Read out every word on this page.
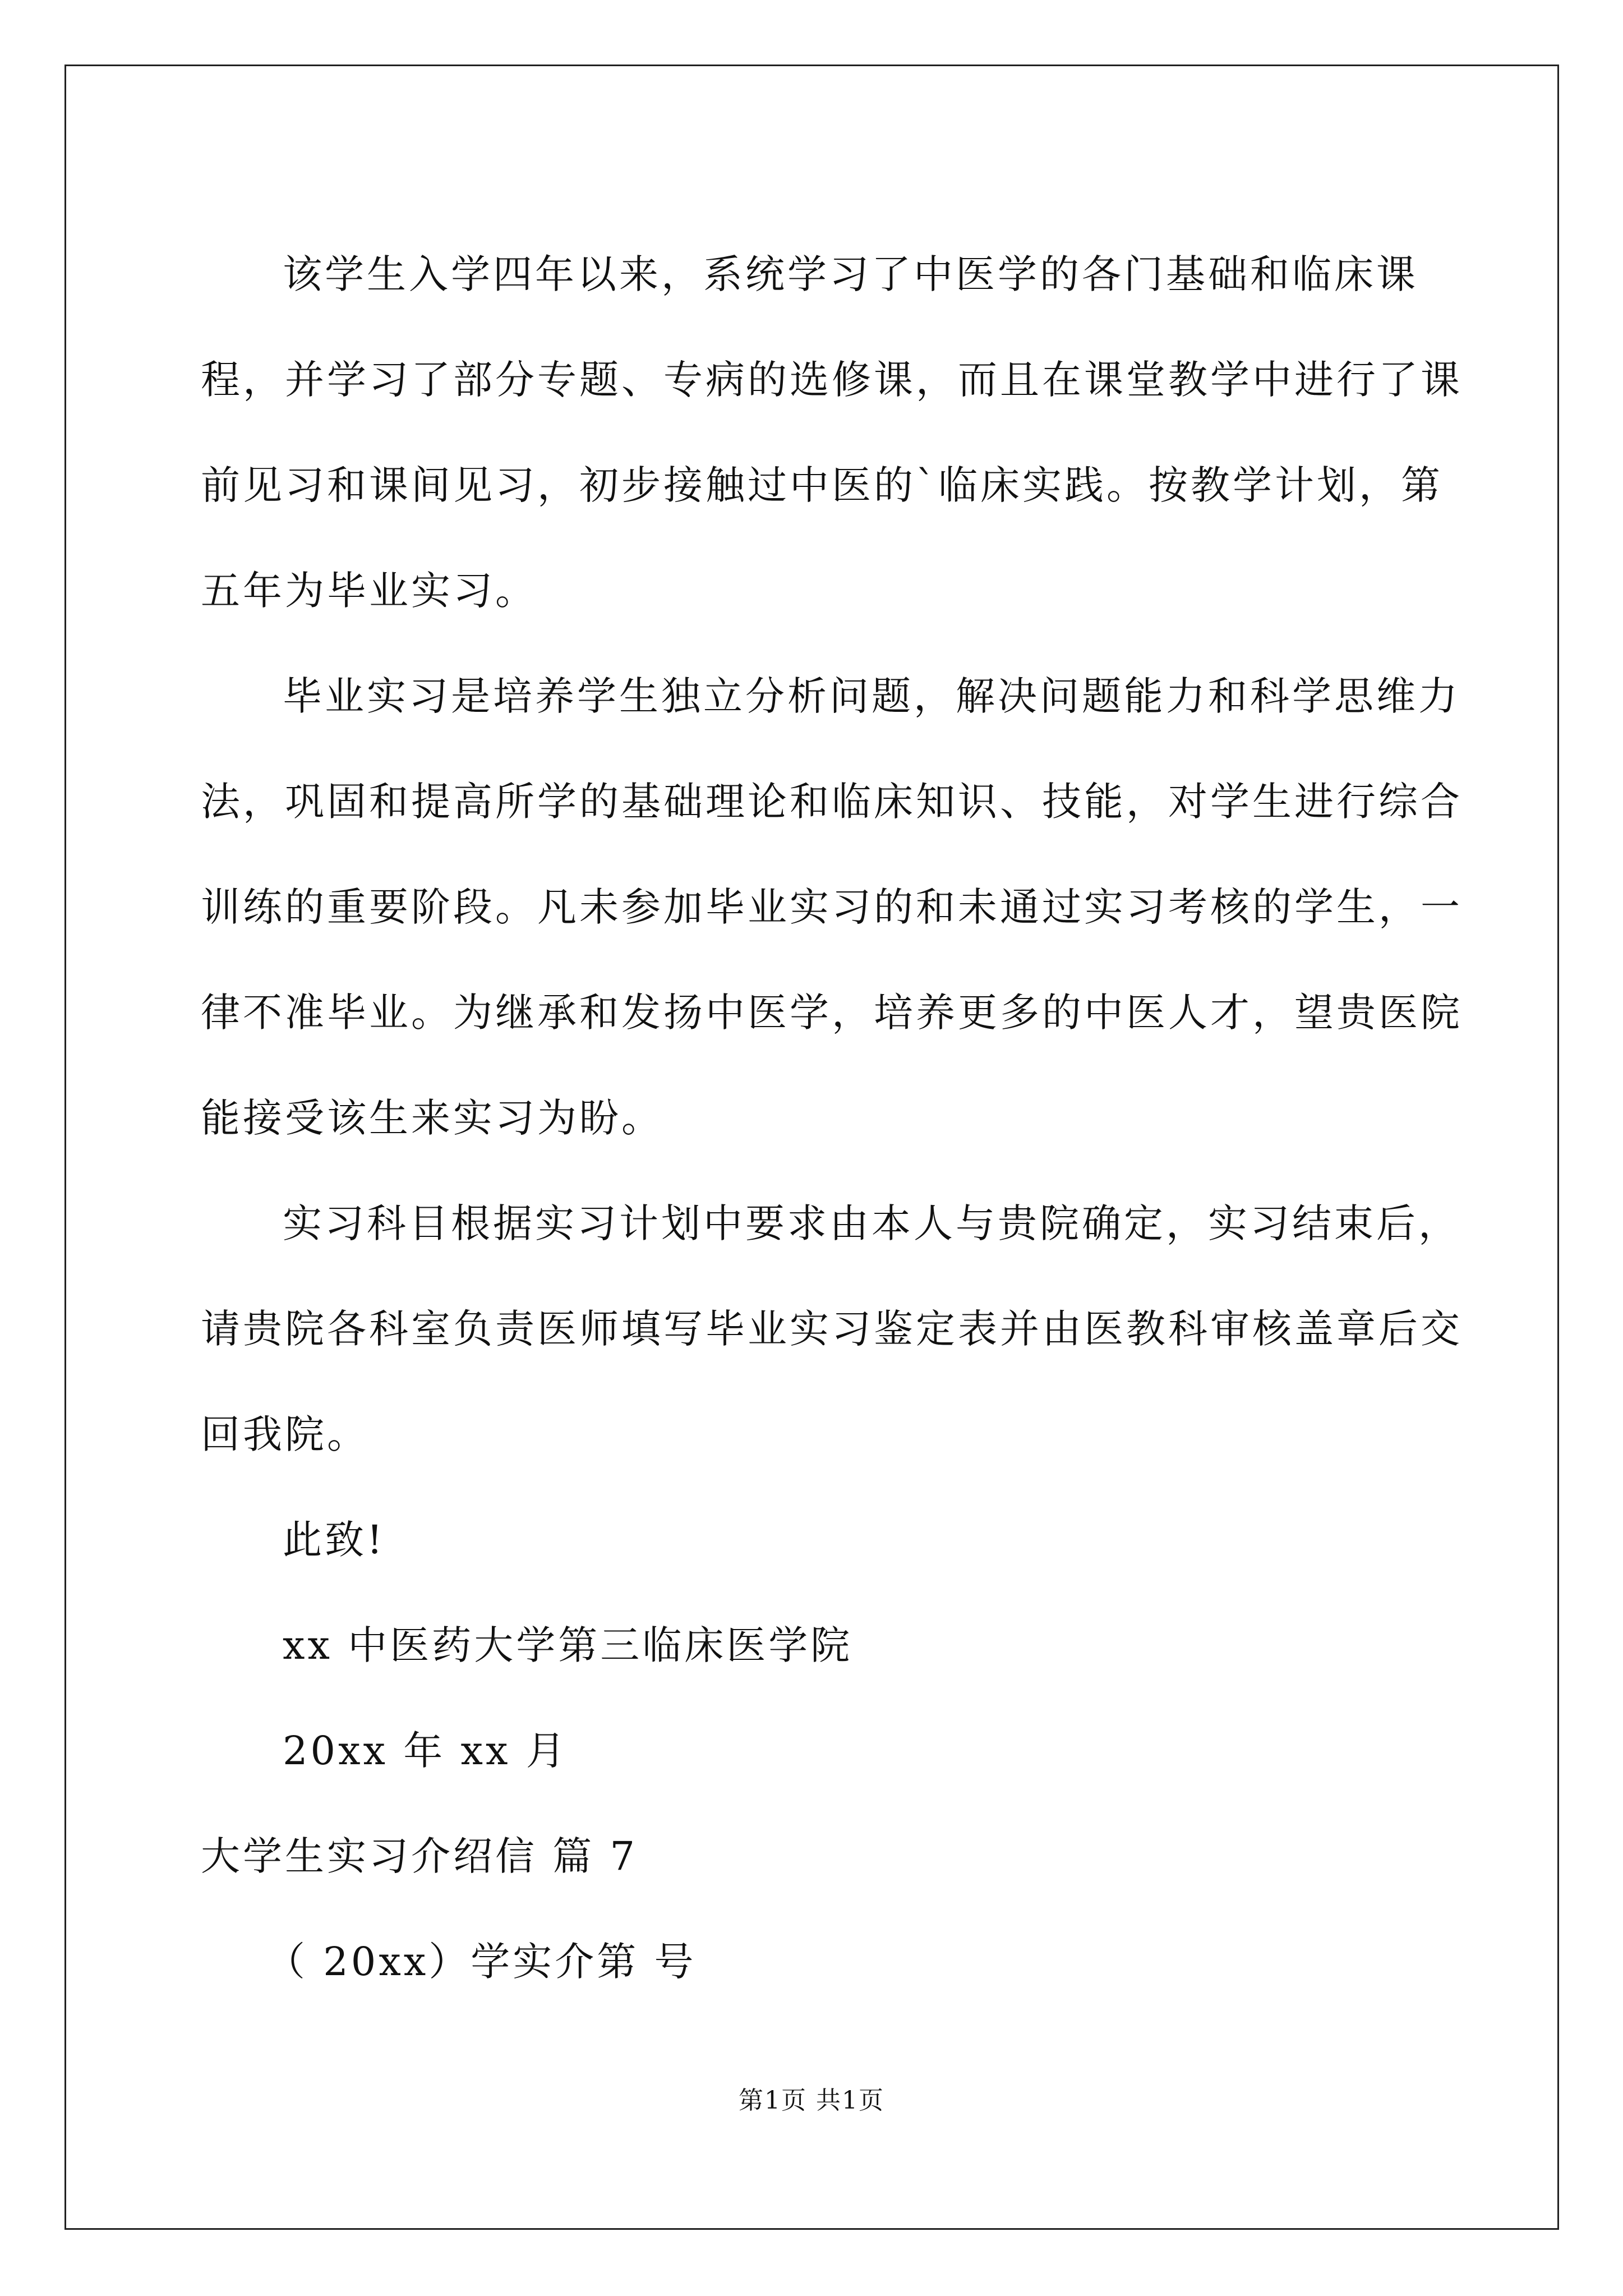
该学生入学四年以来，系统学习了中医学的各门基础和临床课程，并学习了部分专题、专病的选修课，而且在课堂教学中进行了课前见习和课间见习，初步接触过中医的`临床实践。按教学计划，第五年为毕业实习。

毕业实习是培养学生独立分析问题，解决问题能力和科学思维力法，巩固和提高所学的基础理论和临床知识、技能，对学生进行综合训练的重要阶段。凡未参加毕业实习的和未通过实习考核的学生，一律不准毕业。为继承和发扬中医学，培养更多的中医人才，望贵医院能接受该生来实习为盼。

实习科目根据实习计划中要求由本人与贵院确定，实习结束后，请贵院各科室负责医师填写毕业实习鉴定表并由医教科审核盖章后交回我院。

此致!

xx 中医药大学第三临床医学院

20xx 年 xx 月

大学生实习介绍信 篇 7

（ 20xx）学实介第 号

第1页 共1页
